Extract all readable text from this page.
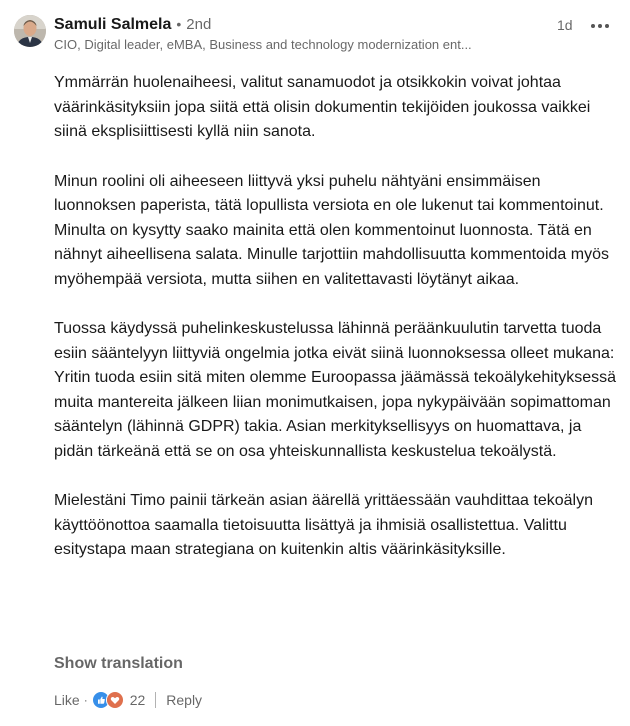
Samuli Salmela • 2nd
CIO, Digital leader, eMBA, Business and technology modernization ent...
1d

Ymmärrän huolenaiheesi, valitut sanamuodot ja otsikkokin voivat johtaa väärinkäsityksiin jopa siitä että olisin dokumentin tekijöiden joukossa vaikkei siinä eksplisiittisesti kyllä niin sanota.

Minun roolini oli aiheeseen liittyvä yksi puhelu nähtyäni ensimmäisen luonnoksen paperista, tätä lopullista versiota en ole lukenut tai kommentoinut. Minulta on kysytty saako mainita että olen kommentoinut luonnosta. Tätä en nähnyt aiheellisena salata. Minulle tarjottiin mahdollisuutta kommentoida myös myöhempää versiota, mutta siihen en valitettavasti löytänyt aikaa.

Tuossa käydyssä puhelinkeskustelussa lähinnä peräänkuulutin tarvetta tuoda esiin sääntelyyn liittyviä ongelmia jotka eivät siinä luonnoksessa olleet mukana: Yritin tuoda esiin sitä miten olemme Euroopassa jäämässä tekoälykehityksessä muita mantereita jälkeen liian monimutkaisen, jopa nykypäivään sopimattoman sääntelyn (lähinnä GDPR) takia. Asian merkityksellisyys on huomattava, ja pidän tärkeänä että se on osa yhteiskunnallista keskustelua tekoälystä.

Mielestäni Timo painii tärkeän asian äärellä yrittäessään vauhdittaa tekoälyn käyttöönottoa saamalla tietoisuutta lisättyä ja ihmisiä osallistettua. Valittu esitystapa maan strategiana on kuitenkin altis väärinkäsityksille.

Show translation
Like ·	22 Reply
